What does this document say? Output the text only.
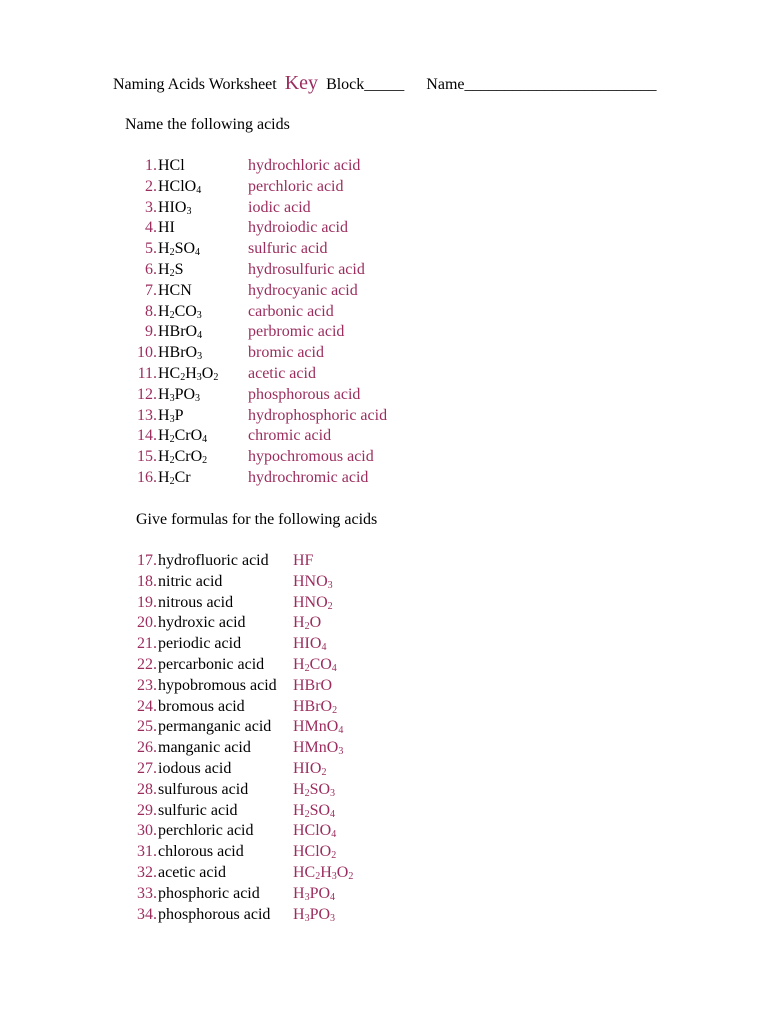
Naming Acids Worksheet Key Block_____ Name________________________
Name the following acids
1. HCl	hydrochloric acid
2. HClO$_4$	perchloric acid
3. $HIO_3$	iodic acid
4. HI	hydroiodic acid
5. $H_2SO_4$	sulfuric acid
6. $H_2S$	hydrosulfuric acid
7. HCN	hydrocyanic acid
8. $H_2CO_3$	carbonic acid
9. HBrO$_4$	perbromic acid
10. HBrO$_3$	bromic acid
11. $HC_2H_3O_2$ acetic acid
12. $H_3PO_3$	phosphorous acid
13. $H_3P$	hydrophosphoric acid
14. $H_2CrO_4$	chromic acid
15. $H_2CrO_2$	hypochromous acid
16. $H_2Cr$	hydrochromic acid
Give formulas for the following acids
17. hydrofluoric acid HF
18. nitric acid	$HNO_3$
19. nitrous acid	$HNO_2$
20. hydroxic acid	$H_2O$
21. periodic acid	$HIO_4$
22. percarbonic acid $H_2CO_4$
23. hypobromous acid HBrO
24. bromous acid	HBrO$_2$
25. permanganic acid HMnO$_4$
26. manganic acid	HMnO$_3$
27. iodous acid	$HIO_2$
28. sulfurous acid	$H_2SO_3$
29. sulfuric acid	$H_2SO_4$
30. perchloric acid HClO$_4$
31. chlorous acid	HClO$_2$
32. acetic acid	$HC_2H_3O_2$
33. phosphoric acid $H_3PO_4$
34. phosphorous acid $H_3PO_3$
